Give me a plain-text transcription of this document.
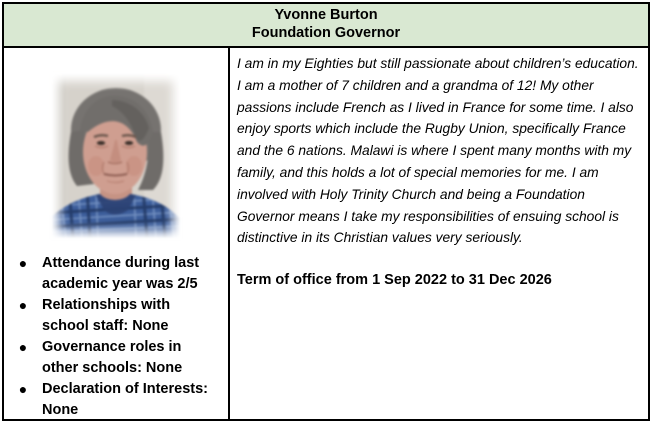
Yvonne Burton
Foundation Governor
●	Attendance during last academic year was 2/5
●	Relationships with school staff: None
●	Governance roles in other schools: None
●	Declaration of Interests: None

I am in my Eighties but still passionate about children’s education. I am a mother of 7 children and a grandma of 12! My other passions include French as I lived in France for some time. I also enjoy sports which include the Rugby Union, specifically France and the 6 nations. Malawi is where I spent many months with my family, and this holds a lot of special memories for me. I am involved with Holy Trinity Church and being a Foundation Governor means I take my responsibilities of ensuing school is distinctive in its Christian values very seriously.

Term of office from 1 Sep 2022 to 31 Dec 2026
